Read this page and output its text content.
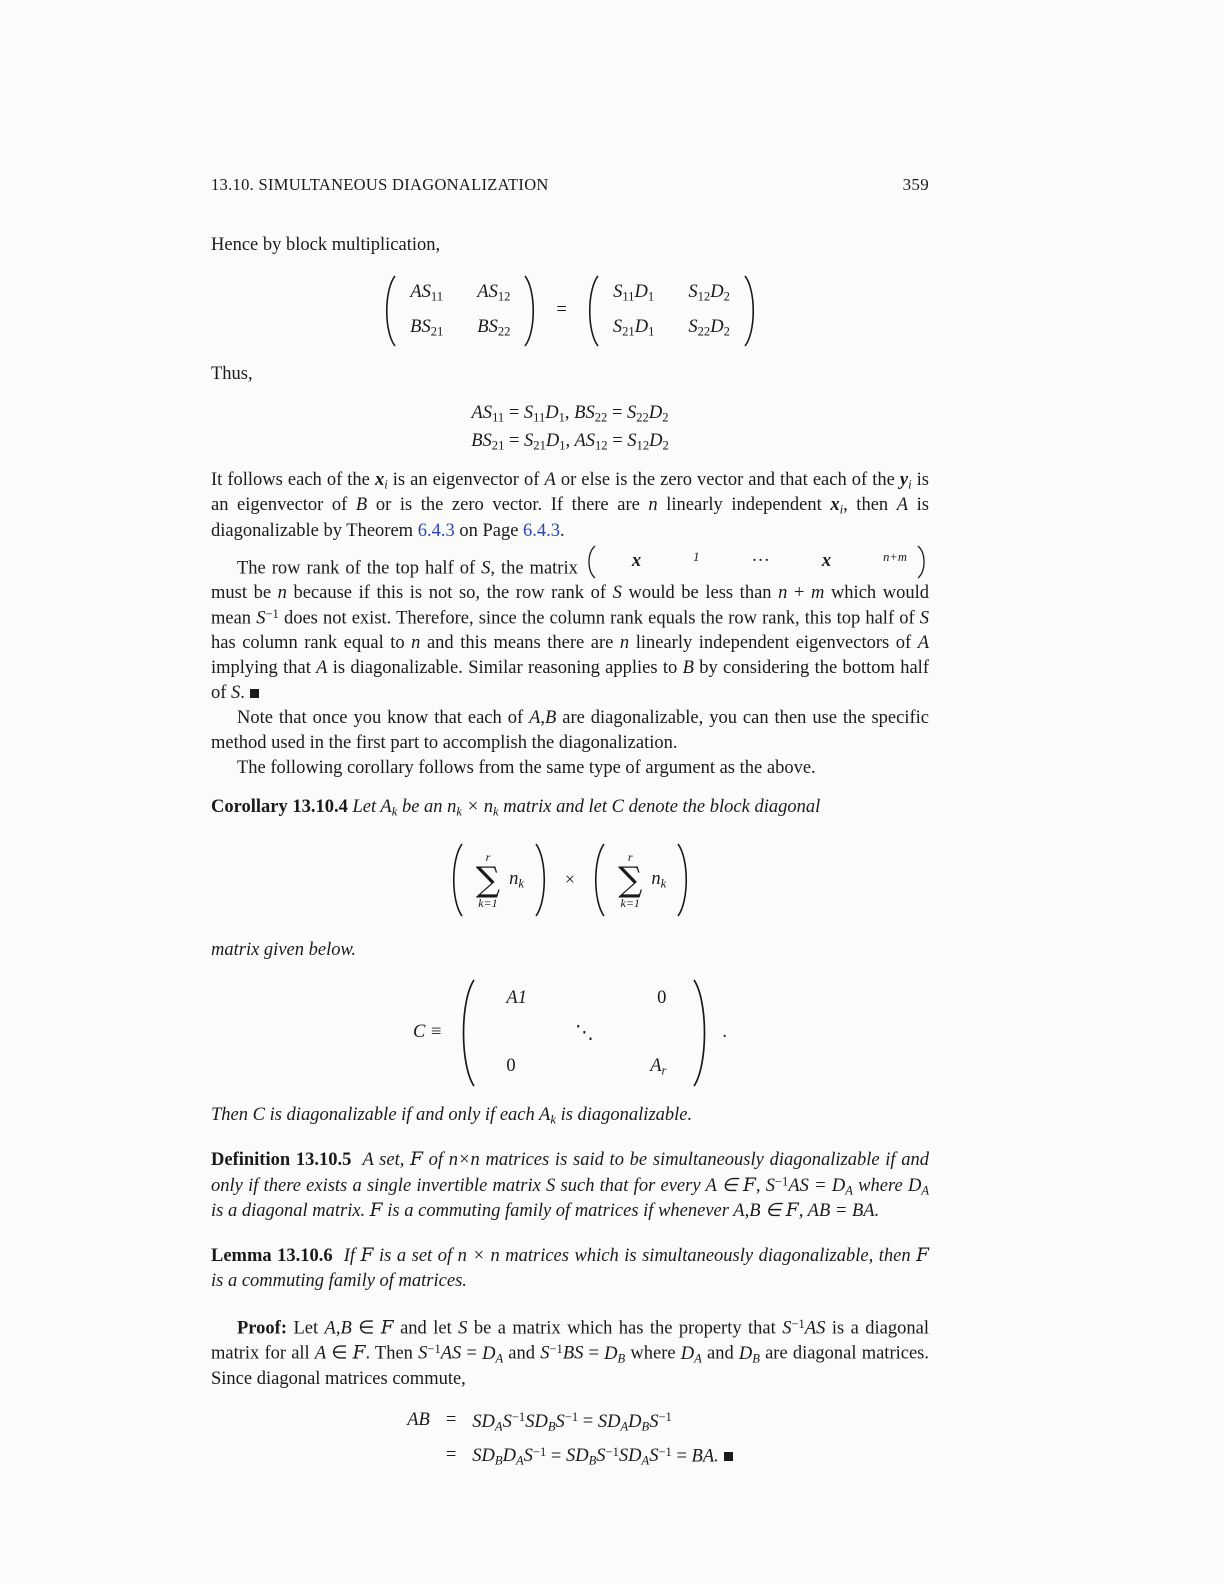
13.10. SIMULTANEOUS DIAGONALIZATION	359

Hence by block multiplication,

$AS_{11}$ $AS_{12}$
$BS_{21}$ $BS_{22}$
=
$S_{11}D_1$ $S_{12}D_2$
$S_{21}D_1$ $S_{22}D_2$

Thus,

$AS_{11} = S_{11}D_1$, $BS_{22} = S_{22}D_2$
$BS_{21} = S_{21}D_1$, $AS_{12} = S_{12}D_2$

It follows each of the $x_i$ is an eigenvector of A or else is the zero vector and that each of the $y_i$ is an eigenvector of B or is the zero vector. If there are n linearly independent $x_i$, then A is diagonalizable by Theorem 6.4.3 on Page 6.4.3.

The row rank of the top half of S, the matrix	x	1	···	x	n+m
must be n because if this is not so, the row rank of S would be less than n + m which would mean $S^{-1}$ does not exist. Therefore, since the column rank equals the row rank, this top half of S has column rank equal to n and this means there are n linearly independent eigenvectors of A implying that A is diagonalizable. Similar reasoning applies to B by considering the bottom half of S.

Note that once you know that each of A,B are diagonalizable, you can then use the specific method used in the first part to accomplish the diagonalization.

The following corollary follows from the same type of argument as the above.

Corollary 13.10.4 Let $A_k$ be an $n_k \times n_k$ matrix and let C denote the block diagonal

r
∑
k=1
$n_k$	×
r
∑
k=1
$n_k$

matrix given below.

C ≡
A1	0
⋱
0	$A_r$
.

Then C is diagonalizable if and only if each $A_k$ is diagonalizable.

Definition 13.10.5  A set, F of n×n matrices is said to be simultaneously diagonalizable if and only if there exists a single invertible matrix S such that for every A ∈ F, $S^{-1}AS = D_A$ where $D_A$ is a diagonal matrix. F is a commuting family of matrices if whenever A,B ∈ F, AB = BA.

Lemma 13.10.6  If F is a set of n × n matrices which is simultaneously diagonalizable, then F is a commuting family of matrices.

Proof: Let A,B ∈ F and let S be a matrix which has the property that $S^{-1}AS$ is a diagonal matrix for all A ∈ F. Then $S^{-1}AS = D_A$ and $S^{-1}BS = D_B$ where $D_A$ and $D_B$ are diagonal matrices. Since diagonal matrices commute,

AB = $SD_AS^{-1}SD_BS^{-1} = SD_AD_BS^{-1}$
= $SD_BD_AS^{-1} = SD_BS^{-1}SD_AS^{-1}$ = BA.
